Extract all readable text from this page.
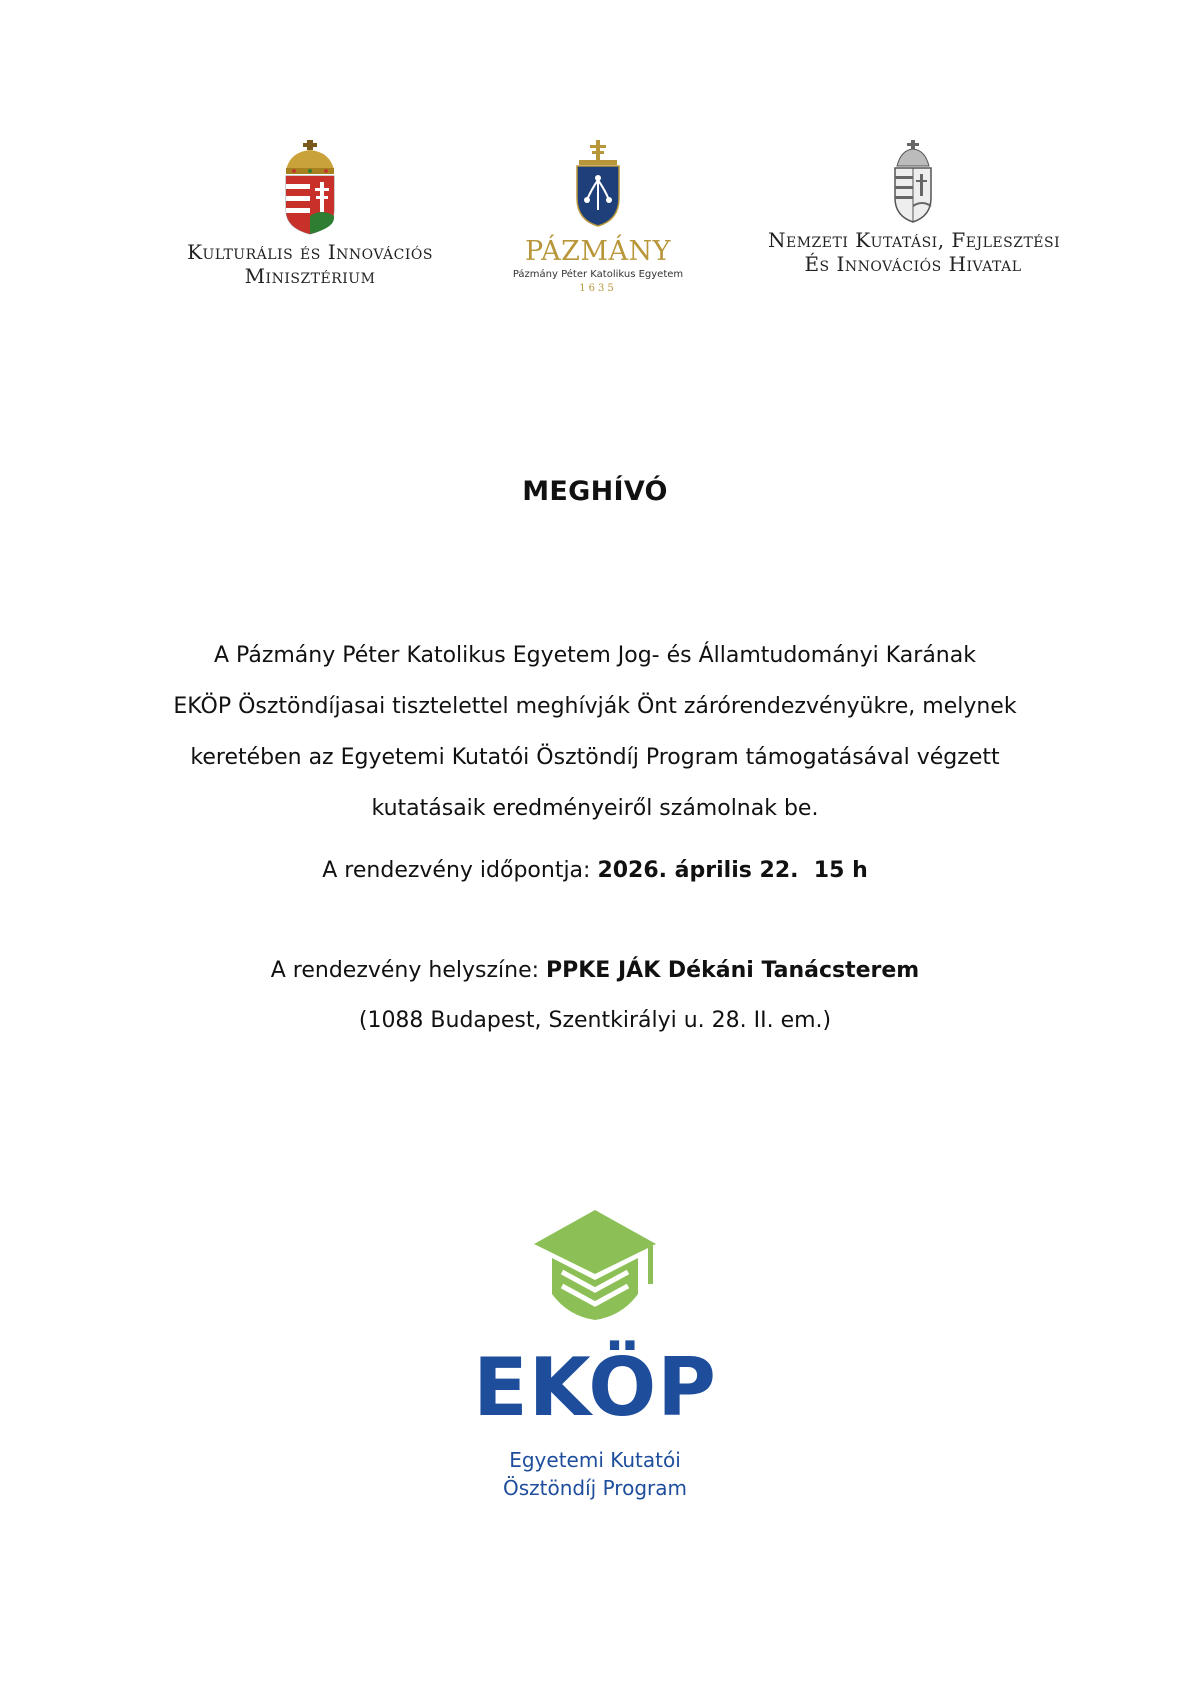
Kulturális és Innovációs
Minisztérium
PÁZMÁNY
Pázmány Péter Katolikus Egyetem
1635
Nemzeti Kutatási, Fejlesztési
És Innovációs Hivatal
MEGHÍVÓ
A Pázmány Péter Katolikus Egyetem Jog- és Államtudományi Karának
EKÖP Ösztöndíjasai tisztelettel meghívják Önt zárórendezvényükre, melynek
keretében az Egyetemi Kutatói Ösztöndíj Program támogatásával végzett
kutatásaik eredményeiről számolnak be.
A rendezvény időpontja: 2026. április 22.  15 h
A rendezvény helyszíne: PPKE JÁK Dékáni Tanácsterem
(1088 Budapest, Szentkirályi u. 28. II. em.)
EKÖP
Egyetemi Kutatói
Ösztöndíj Program
